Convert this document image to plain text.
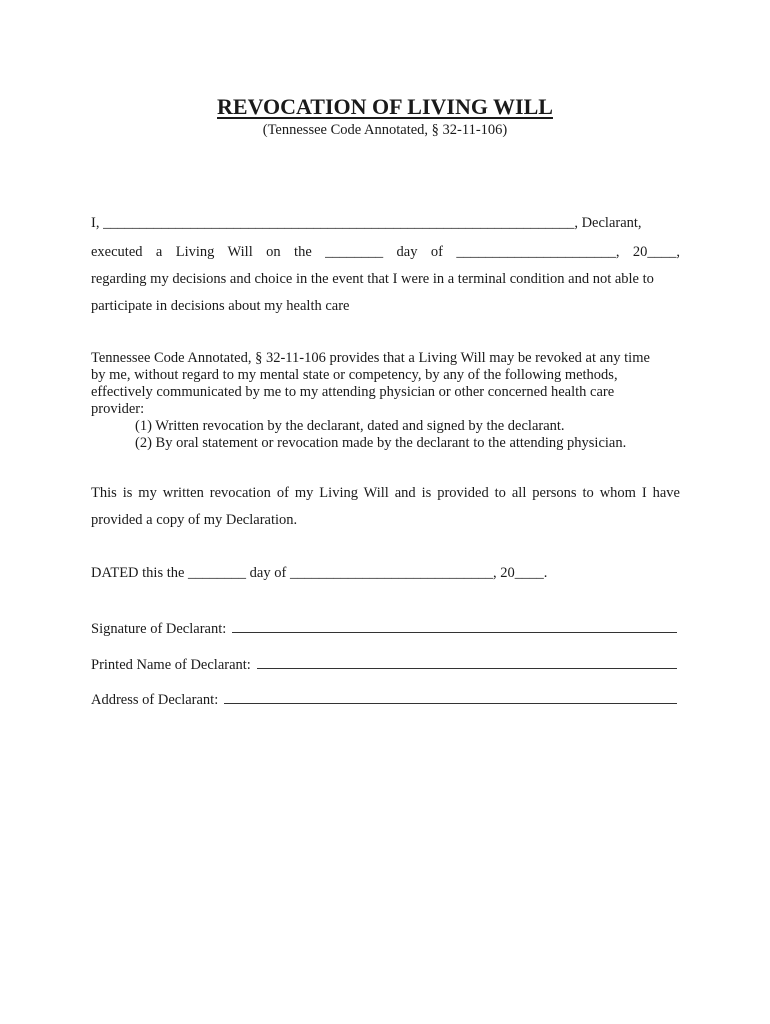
REVOCATION OF LIVING WILL
(Tennessee Code Annotated, § 32-11-106)
I, _________________________________________________________________, Declarant,
executed a Living Will on the ________ day of ______________________, 20____,
regarding my decisions and choice in the event that I were in a terminal condition and not able to
participate in decisions about my health care
Tennessee Code Annotated, § 32-11-106 provides that a Living Will may be revoked at any time
by me, without regard to my mental state or competency, by any of the following methods,
effectively communicated by me to my attending physician or other concerned health care
provider:
(1) Written revocation by the declarant, dated and signed by the declarant.
(2) By oral statement or revocation made by the declarant to the attending physician.
This is my written revocation of my Living Will and is provided to all persons to whom I have
provided a copy of my Declaration.
DATED this the ________ day of ____________________________, 20____.
Signature of Declarant:
Printed Name of Declarant:
Address of Declarant:
